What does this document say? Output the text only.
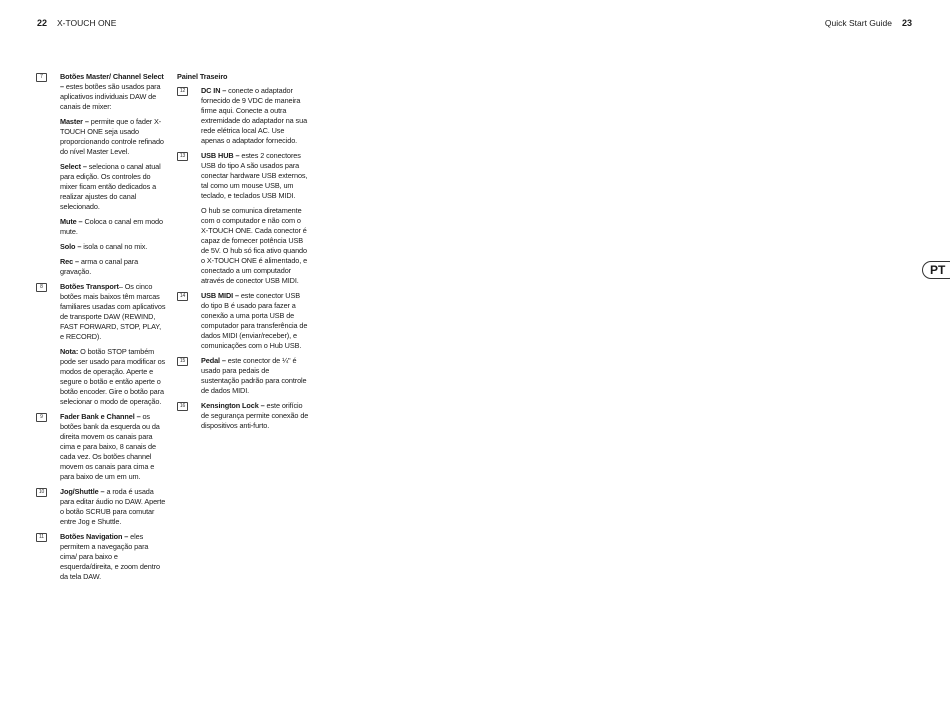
22 X-TOUCH ONE	Quick Start Guide 23
7	Botões Master/ Channel Select – estes botões são usados para aplicativos individuais DAW de canais de mixer:

Master – permite que o fader X-TOUCH ONE seja usado proporcionando controle refinado do nível Master Level.

Select – seleciona o canal atual para edição. Os controles do mixer ficam então dedicados a realizar ajustes do canal selecionado.

Mute – Coloca o canal em modo mute.

Solo – isola o canal no mix.

Rec – arma o canal para gravação.

8	Botões Transport– Os cinco botões mais baixos têm marcas familiares usadas com aplicativos de transporte DAW (REWIND, FAST FORWARD, STOP, PLAY, e RECORD).

Nota: O botão STOP também pode ser usado para modificar os modos de operação. Aperte e segure o botão e então aperte o botão encoder. Gire o botão para selecionar o modo de operação.

9	Fader Bank e Channel – os botões bank da esquerda ou da direita movem os canais para cima e para baixo, 8 canais de cada vez. Os botões channel movem os canais para cima e para baixo de um em um.

10	Jog/Shuttle – a roda é usada para editar áudio no DAW. Aperte o botão SCRUB para comutar entre Jog e Shuttle.

11	Botões Navigation – eles permitem a navegação para cima/ para baixo e esquerda/direita, e zoom dentro da tela DAW.

Painel Traseiro
12	DC IN – conecte o adaptador fornecido de 9 VDC de maneira firme aqui. Conecte a outra extremidade do adaptador na sua rede elétrica local AC. Use apenas o adaptador fornecido.

13	USB HUB – estes 2 conectores USB do tipo A são usados para conectar hardware USB externos, tal como um mouse USB, um teclado, e teclados USB MIDI.

O hub se comunica diretamente com o computador e não com o X-TOUCH ONE. Cada conector é capaz de fornecer potência USB de 5V. O hub só fica ativo quando o X-TOUCH ONE é alimentado, e conectado a um computador através de conector USB MIDI.

14	USB MIDI – este conector USB do tipo B é usado para fazer a conexão a uma porta USB de computador para transferência de dados MIDI (enviar/receber), e comunicações com o Hub USB.

15	Pedal – este conector de ¼" é usado para pedais de sustentação padrão para controle de dados MIDI.

16	Kensington Lock – este orifício de segurança permite conexão de dispositivos anti-furto.

PT
